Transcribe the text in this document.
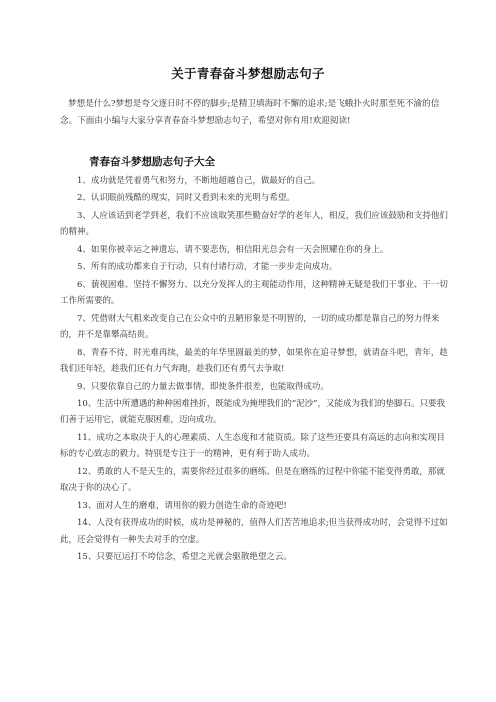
关于青春奋斗梦想励志句子
梦想是什么?梦想是夸父逐日时不停的脚步;是精卫填海时不懈的追求;是飞蛾扑火时那至死不渝的信念。下面由小编与大家分享青春奋斗梦想励志句子，希望对你有用!欢迎阅读!
青春奋斗梦想励志句子大全
1、成功就是凭着勇气和努力，不断地超越自己，做最好的自己。
2、认识眼前残酷的现实，同时又看到未来的光明与希望。
3、人应该话到老学到老，我们不应该取笑那些勤奋好学的老年人，相反，我们应该鼓励和支持他们的精神。
4、如果你被幸运之神遗忘，请不要悲伤，相信阳光总会有一天会照耀在你的身上。
5、所有的成功都来自于行动，只有付诸行动，才能一步步走向成功。
6、藐视困难、坚持不懈努力、以充分发挥人的主观能动作用，这种精神无疑是我们干事业、干一切工作所需要的。
7、凭借财大气粗来改变自己在公众中的丑陋形象是不明智的，一切的成功都是靠自己的努力得来的，并不是靠攀高结贵。
8、青春不待，时光难再续，最美的年华里圆最美的梦，如果你在追寻梦想，就请奋斗吧，青年，趁我们还年轻，趁我们还有力气奔跑，趁我们还有勇气去争取!
9、只要依靠自己的力量去做事情，即使条件很差，也能取得成功。
10、生活中所遭遇的种种困难挫折，既能成为掩埋我们的“泥沙”，又能成为我们的垫脚石。只要我们善于运用它，就能克服困难，迈向成功。
11、成功之本取决于人的心理素质、人生态度和才能资质。除了这些还要具有高远的志向和实现目标的专心致志的毅力。特别是专注于一的精神，更有利于助人成功。
12、勇敢的人不是天生的，需要你经过很多的磨练。但是在磨练的过程中你能不能变得勇敢，那就取决于你的决心了。
13、面对人生的磨难，请用你的毅力创造生命的奇迹吧!
14、人没有获得成功的时候，成功是神秘的，值得人们苦苦地追求;但当获得成功时，会觉得不过如此，还会觉得有一种失去对手的空虚。
15、只要厄运打不垮信念，希望之光就会驱散绝望之云。
